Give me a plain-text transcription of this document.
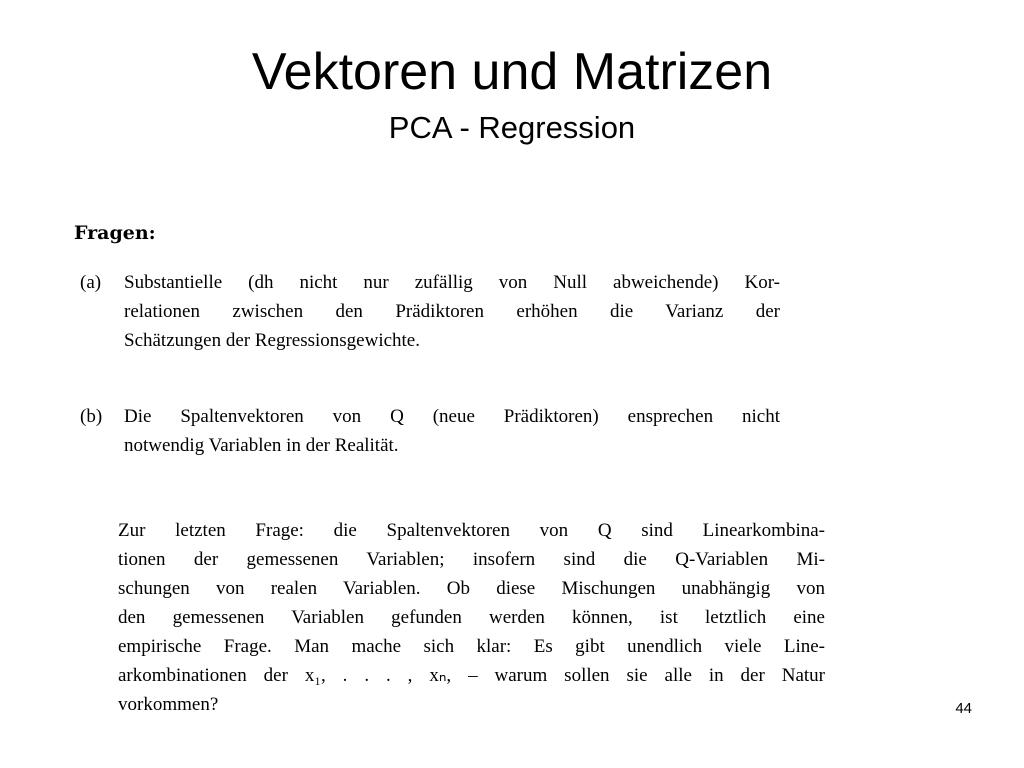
Vektoren und Matrizen
PCA - Regression
Fragen:
(a)	Substantielle (dh nicht nur zufällig von Null abweichende) Kor-
relationen zwischen den Prädiktoren erhöhen die Varianz der
Schätzungen der Regressionsgewichte.
(b)	Die Spaltenvektoren von Q (neue Prädiktoren) ensprechen nicht
notwendig Variablen in der Realität.
Zur letzten Frage: die Spaltenvektoren von Q sind Linearkombina-
tionen der gemessenen Variablen; insofern sind die Q-Variablen Mi-
schungen von realen Variablen. Ob diese Mischungen unabhängig von
den gemessenen Variablen gefunden werden können, ist letztlich eine
empirische Frage. Man mache sich klar: Es gibt unendlich viele Line-
arkombinationen der x₁, . . . , xₙ, – warum sollen sie alle in der Natur
vorkommen?	44
